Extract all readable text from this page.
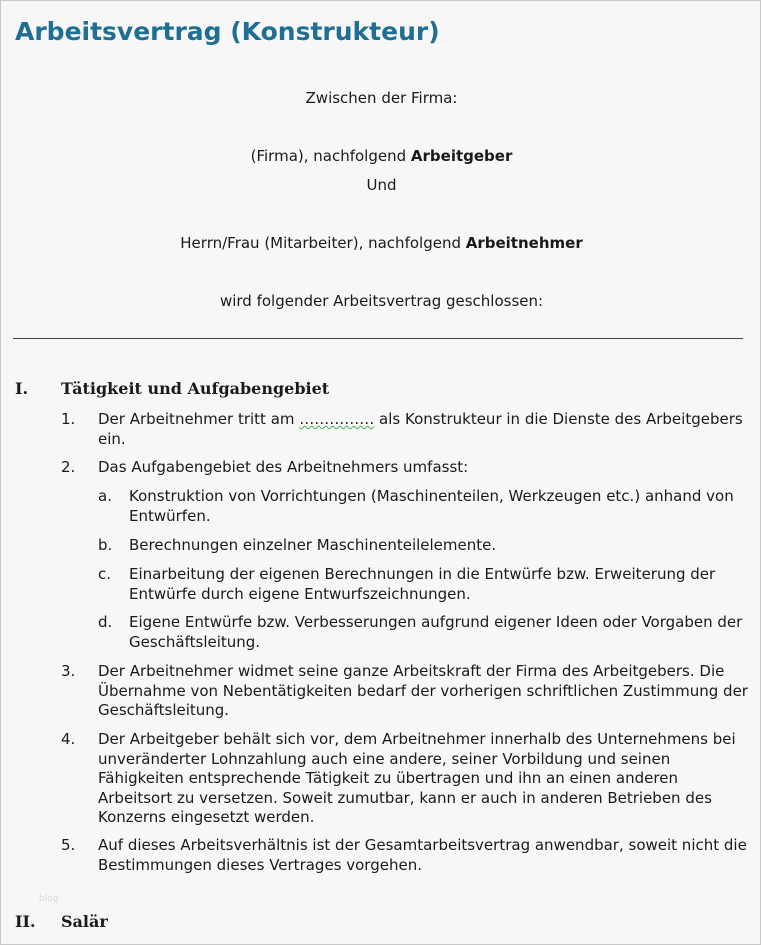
Arbeitsvertrag (Konstrukteur)
Zwischen der Firma:
(Firma), nachfolgend Arbeitgeber
Und
Herrn/Frau (Mitarbeiter), nachfolgend Arbeitnehmer
wird folgender Arbeitsvertrag geschlossen:
I. Tätigkeit und Aufgabengebiet
1.	Der Arbeitnehmer tritt am …………… als Konstrukteur in die Dienste des Arbeitgebers ein.
2.	Das Aufgabengebiet des Arbeitnehmers umfasst:
a.	Konstruktion von Vorrichtungen (Maschinenteilen, Werkzeugen etc.) anhand von Entwürfen.
b.	Berechnungen einzelner Maschinenteilelemente.
c.	Einarbeitung der eigenen Berechnungen in die Entwürfe bzw. Erweiterung der Entwürfe durch eigene Entwurfszeichnungen.
d.	Eigene Entwürfe bzw. Verbesserungen aufgrund eigener Ideen oder Vorgaben der Geschäftsleitung.
3.	Der Arbeitnehmer widmet seine ganze Arbeitskraft der Firma des Arbeitgebers. Die Übernahme von Nebentätigkeiten bedarf der vorherigen schriftlichen Zustimmung der Geschäftsleitung.
4.	Der Arbeitgeber behält sich vor, dem Arbeitnehmer innerhalb des Unternehmens bei unveränderter Lohnzahlung auch eine andere, seiner Vorbildung und seinen Fähigkeiten entsprechende Tätigkeit zu übertragen und ihn an einen anderen Arbeitsort zu versetzen. Soweit zumutbar, kann er auch in anderen Betrieben des Konzerns eingesetzt werden.
5.	Auf dieses Arbeitsverhältnis ist der Gesamtarbeitsvertrag anwendbar, soweit nicht die Bestimmungen dieses Vertrages vorgehen.
blog
II. Salär
